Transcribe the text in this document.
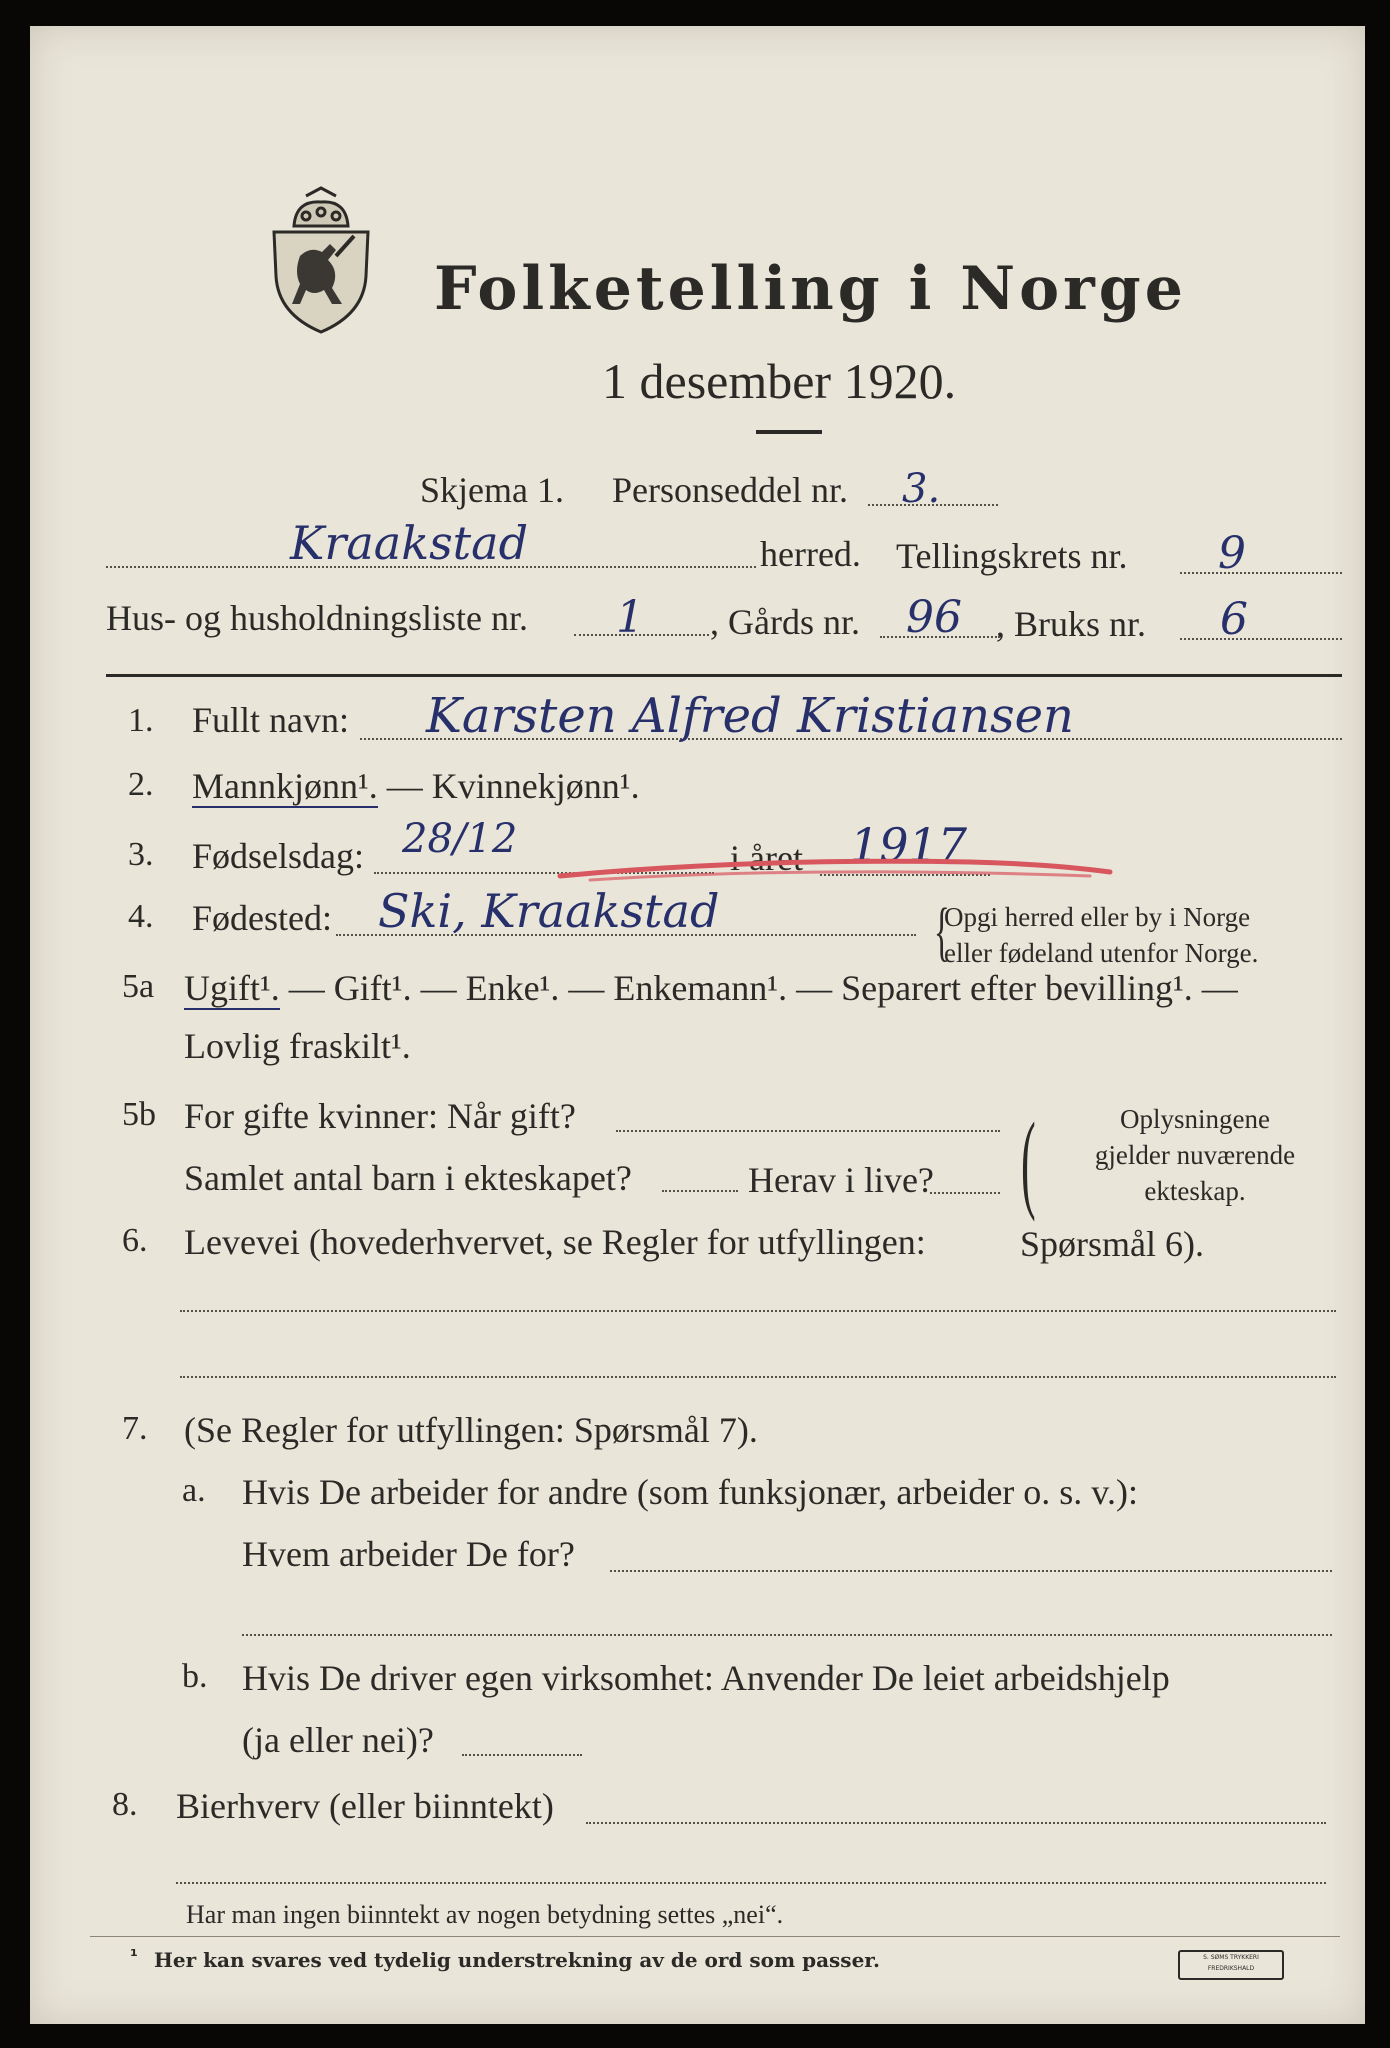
Folketelling i Norge
1 desember 1920.
Skjema 1. Personseddel nr. 3.
Kraakstad	herred. Tellingskrets nr. 9
Hus- og husholdningsliste nr. 1 , Gårds nr. 96 , Bruks nr. 6
1. Fullt navn: Karsten Alfred Kristiansen
2. Mannkjønn¹. — Kvinnekjønn¹.
3. Fødselsdag: 28/12	i året 1917
4. Fødested: Ski, Kraakstad	{
Opgi herred eller by i Norge
eller fødeland utenfor Norge.
5a Ugift¹. — Gift¹. — Enke¹. — Enkemann¹. — Separert efter bevilling¹. —
Lovlig fraskilt¹.
5b For gifte kvinner: Når gift?
Samlet antal barn i ekteskapet?	Herav i live? (	Oplysningene
gjelder nuværende
ekteskap.
6. Levevei (hovederhvervet, se Regler for utfyllingen:	Spørsmål 6).
7. (Se Regler for utfyllingen: Spørsmål 7).
a. Hvis De arbeider for andre (som funksjonær, arbeider o. s. v.):
Hvem arbeider De for?
b. Hvis De driver egen virksomhet: Anvender De leiet arbeidshjelp
(ja eller nei)?
8. Bierhverv (eller biinntekt)
Har man ingen biinntekt av nogen betydning settes „nei“.
¹ Her kan svares ved tydelig understrekning av de ord som passer.	S. SØMS TRYKKERI
FREDRIKSHALD
